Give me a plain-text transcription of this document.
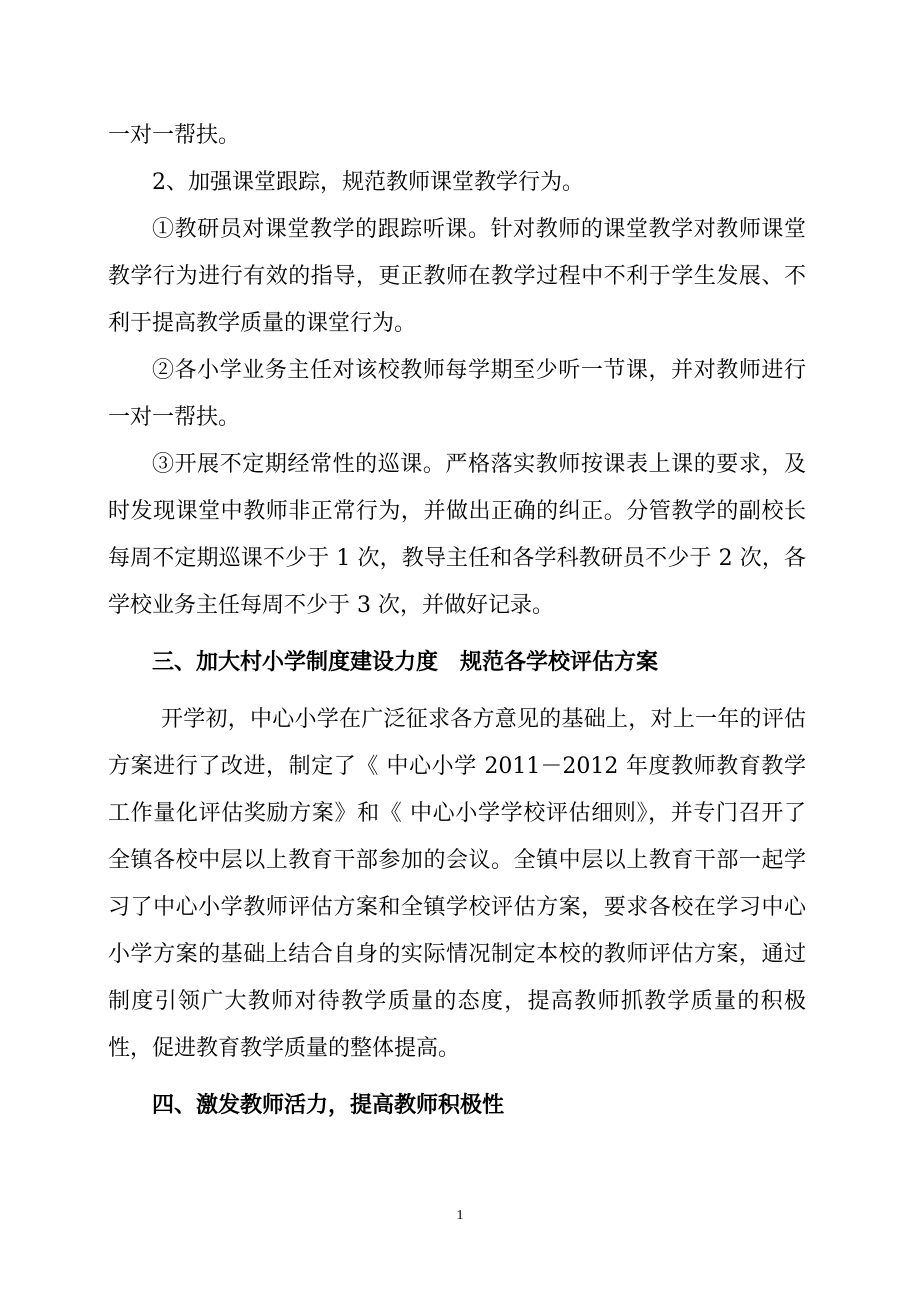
一对一帮扶。

2、加强课堂跟踪，规范教师课堂教学行为。

①教研员对课堂教学的跟踪听课。针对教师的课堂教学对教师课堂教学行为进行有效的指导，更正教师在教学过程中不利于学生发展、不利于提高教学质量的课堂行为。

②各小学业务主任对该校教师每学期至少听一节课，并对教师进行一对一帮扶。

③开展不定期经常性的巡课。严格落实教师按课表上课的要求，及时发现课堂中教师非正常行为，并做出正确的纠正。分管教学的副校长每周不定期巡课不少于 1 次，教导主任和各学科教研员不少于 2 次，各学校业务主任每周不少于 3 次，并做好记录。

三、加大村小学制度建设力度　规范各学校评估方案

开学初，中心小学在广泛征求各方意见的基础上，对上一年的评估方案进行了改进，制定了《 中心小学 2011－2012 年度教师教育教学工作量化评估奖励方案》和《 中心小学学校评估细则》，并专门召开了全镇各校中层以上教育干部参加的会议。全镇中层以上教育干部一起学习了中心小学教师评估方案和全镇学校评估方案，要求各校在学习中心小学方案的基础上结合自身的实际情况制定本校的教师评估方案，通过制度引领广大教师对待教学质量的态度，提高教师抓教学质量的积极性，促进教育教学质量的整体提高。

四、激发教师活力，提高教师积极性

1
